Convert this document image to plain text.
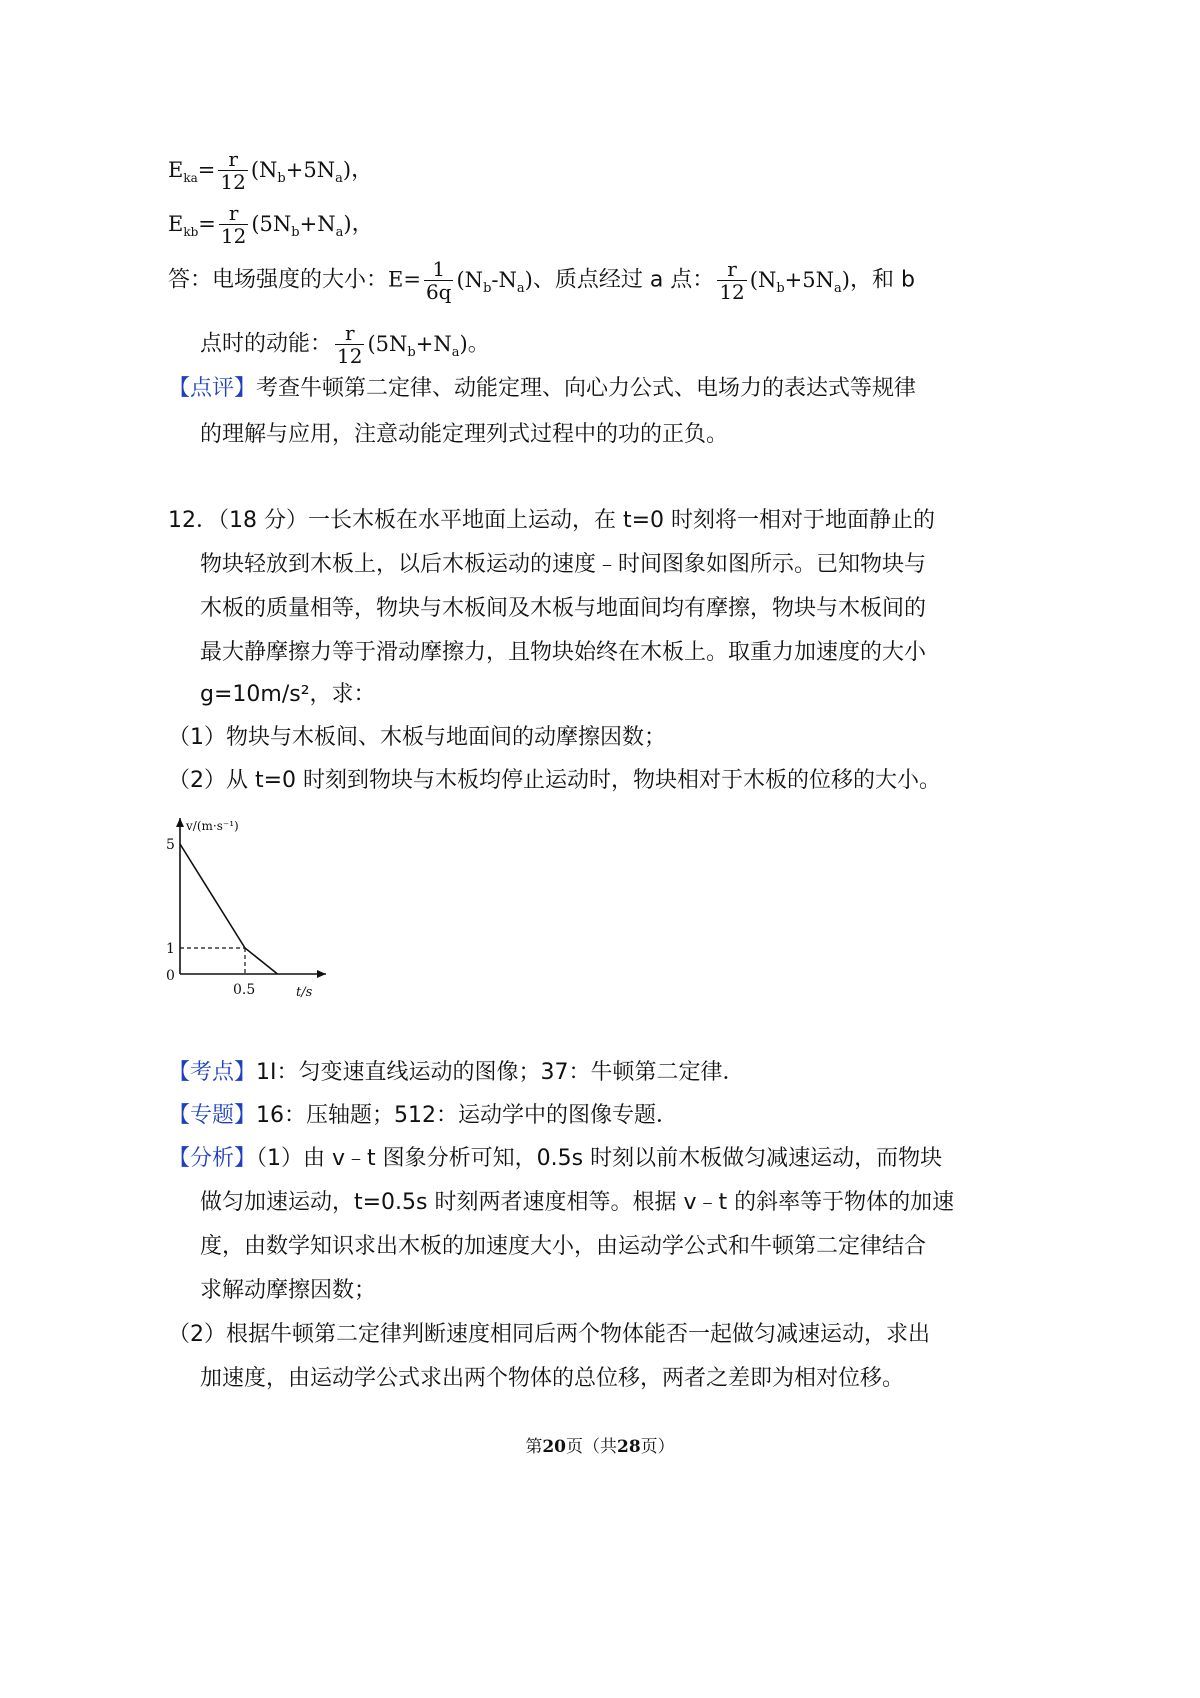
$E_{ka}= \frac{r}{12} (N_b+5N_a)$，
$E_{kb}= \frac{r}{12} (5N_b+N_a)$，
答：电场强度的大小：$E= \frac{1}{6q} (N_b-N_a)$、质点经过 a 点： $\frac{r}{12} (N_b+5N_a)$，和 b
点时的动能： $\frac{r}{12} (5N_b+N_a)$。
【点评】考查牛顿第二定律、动能定理、向心力公式、电场力的表达式等规律
的理解与应用，注意动能定理列式过程中的功的正负。
12．（18 分）一长木板在水平地面上运动，在 t=0 时刻将一相对于地面静止的
物块轻放到木板上，以后木板运动的速度﹣时间图象如图所示。已知物块与
木板的质量相等，物块与木板间及木板与地面间均有摩擦，物块与木板间的
最大静摩擦力等于滑动摩擦力，且物块始终在木板上。取重力加速度的大小
g=10m/s²，求：
（1）物块与木板间、木板与地面间的动摩擦因数；
（2）从 t=0 时刻到物块与木板均停止运动时，物块相对于木板的位移的大小。
5
1
0
0.5
v/(m·s⁻¹)
t/s
【考点】1I：匀变速直线运动的图像；37：牛顿第二定律．
【专题】16：压轴题；512：运动学中的图像专题．
【分析】（1）由 v﹣t 图象分析可知，0.5s 时刻以前木板做匀减速运动，而物块
做匀加速运动，t=0.5s 时刻两者速度相等。根据 v﹣t 的斜率等于物体的加速
度，由数学知识求出木板的加速度大小，由运动学公式和牛顿第二定律结合
求解动摩擦因数；
（2）根据牛顿第二定律判断速度相同后两个物体能否一起做匀减速运动，求出
加速度，由运动学公式求出两个物体的总位移，两者之差即为相对位移。
第20页（共28页）
